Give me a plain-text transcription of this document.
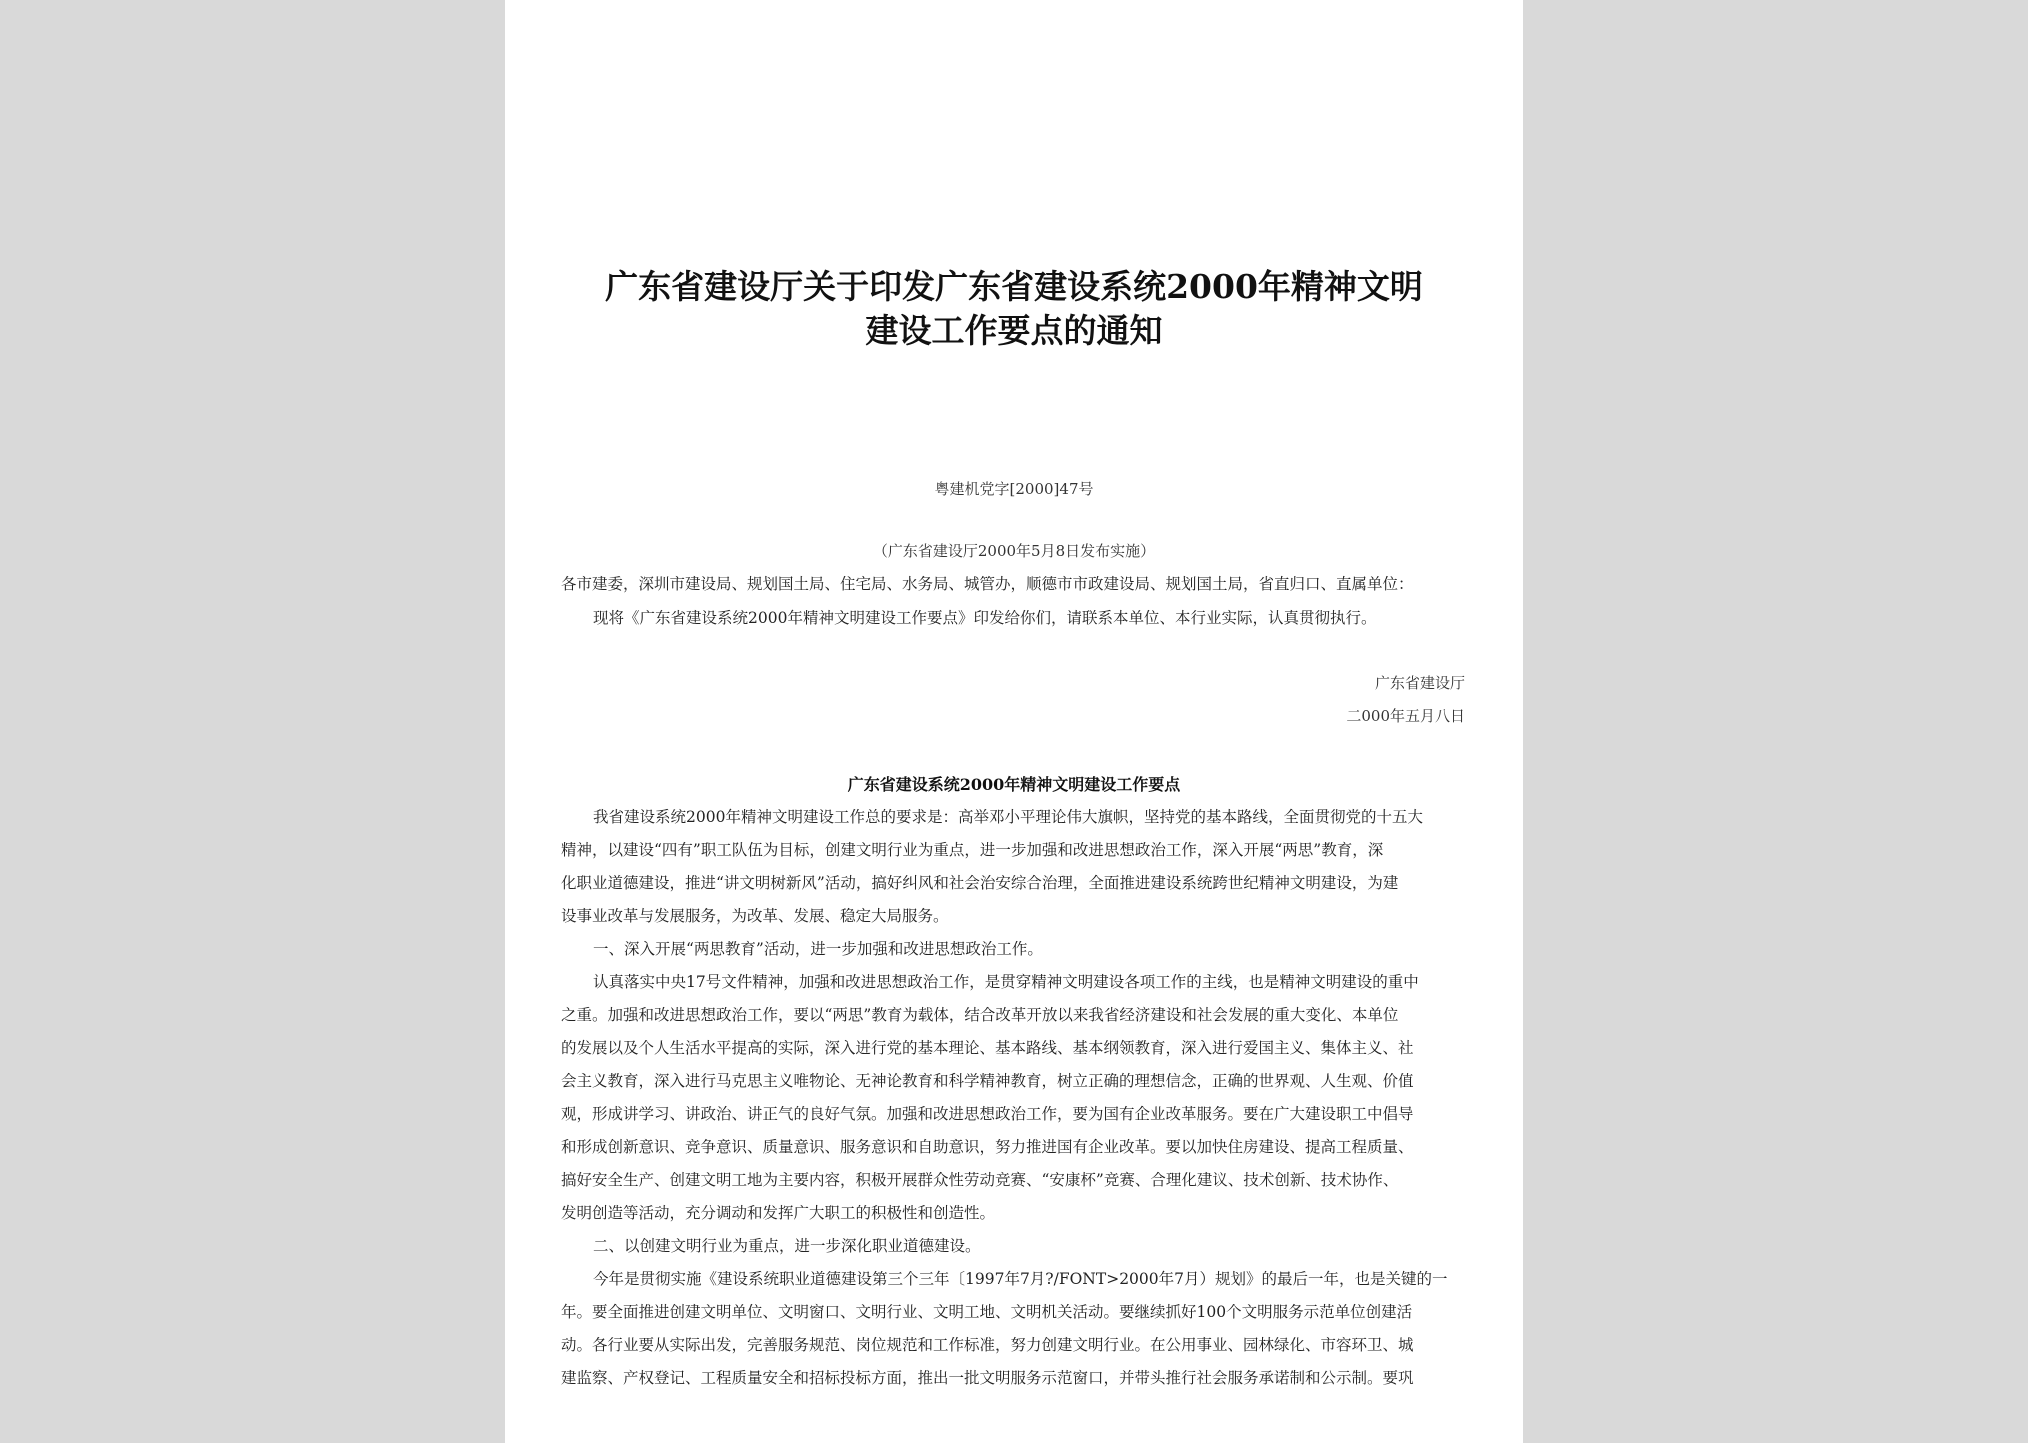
广东省建设厅关于印发广东省建设系统2000年精神文明
建设工作要点的通知
粤建机党字[2000]47号
（广东省建设厅2000年5月8日发布实施）
各市建委，深圳市建设局、规划国土局、住宅局、水务局、城管办，顺德市市政建设局、规划国土局，省直归口、直属单位：
现将《广东省建设系统2000年精神文明建设工作要点》印发给你们，请联系本单位、本行业实际，认真贯彻执行。
广东省建设厅
二000年五月八日
广东省建设系统2000年精神文明建设工作要点
我省建设系统2000年精神文明建设工作总的要求是：高举邓小平理论伟大旗帜，坚持党的基本路线，全面贯彻党的十五大
精神，以建设“四有”职工队伍为目标，创建文明行业为重点，进一步加强和改进思想政治工作，深入开展“两思”教育，深
化职业道德建设，推进“讲文明树新风”活动，搞好纠风和社会治安综合治理，全面推进建设系统跨世纪精神文明建设，为建
设事业改革与发展服务，为改革、发展、稳定大局服务。
一、深入开展“两思教育”活动，进一步加强和改进思想政治工作。
认真落实中央17号文件精神，加强和改进思想政治工作，是贯穿精神文明建设各项工作的主线，也是精神文明建设的重中
之重。加强和改进思想政治工作，要以“两思”教育为载体，结合改革开放以来我省经济建设和社会发展的重大变化、本单位
的发展以及个人生活水平提高的实际，深入进行党的基本理论、基本路线、基本纲领教育，深入进行爱国主义、集体主义、社
会主义教育，深入进行马克思主义唯物论、无神论教育和科学精神教育，树立正确的理想信念，正确的世界观、人生观、价值
观，形成讲学习、讲政治、讲正气的良好气氛。加强和改进思想政治工作，要为国有企业改革服务。要在广大建设职工中倡导
和形成创新意识、竞争意识、质量意识、服务意识和自助意识，努力推进国有企业改革。要以加快住房建设、提高工程质量、
搞好安全生产、创建文明工地为主要内容，积极开展群众性劳动竞赛、“安康杯”竞赛、合理化建议、技术创新、技术协作、
发明创造等活动，充分调动和发挥广大职工的积极性和创造性。
二、以创建文明行业为重点，进一步深化职业道德建设。
今年是贯彻实施《建设系统职业道德建设第三个三年〔1997年7月?/FONT>2000年7月）规划》的最后一年，也是关键的一
年。要全面推进创建文明单位、文明窗口、文明行业、文明工地、文明机关活动。要继续抓好100个文明服务示范单位创建活
动。各行业要从实际出发，完善服务规范、岗位规范和工作标准，努力创建文明行业。在公用事业、园林绿化、市容环卫、城
建监察、产权登记、工程质量安全和招标投标方面，推出一批文明服务示范窗口，并带头推行社会服务承诺制和公示制。要巩
